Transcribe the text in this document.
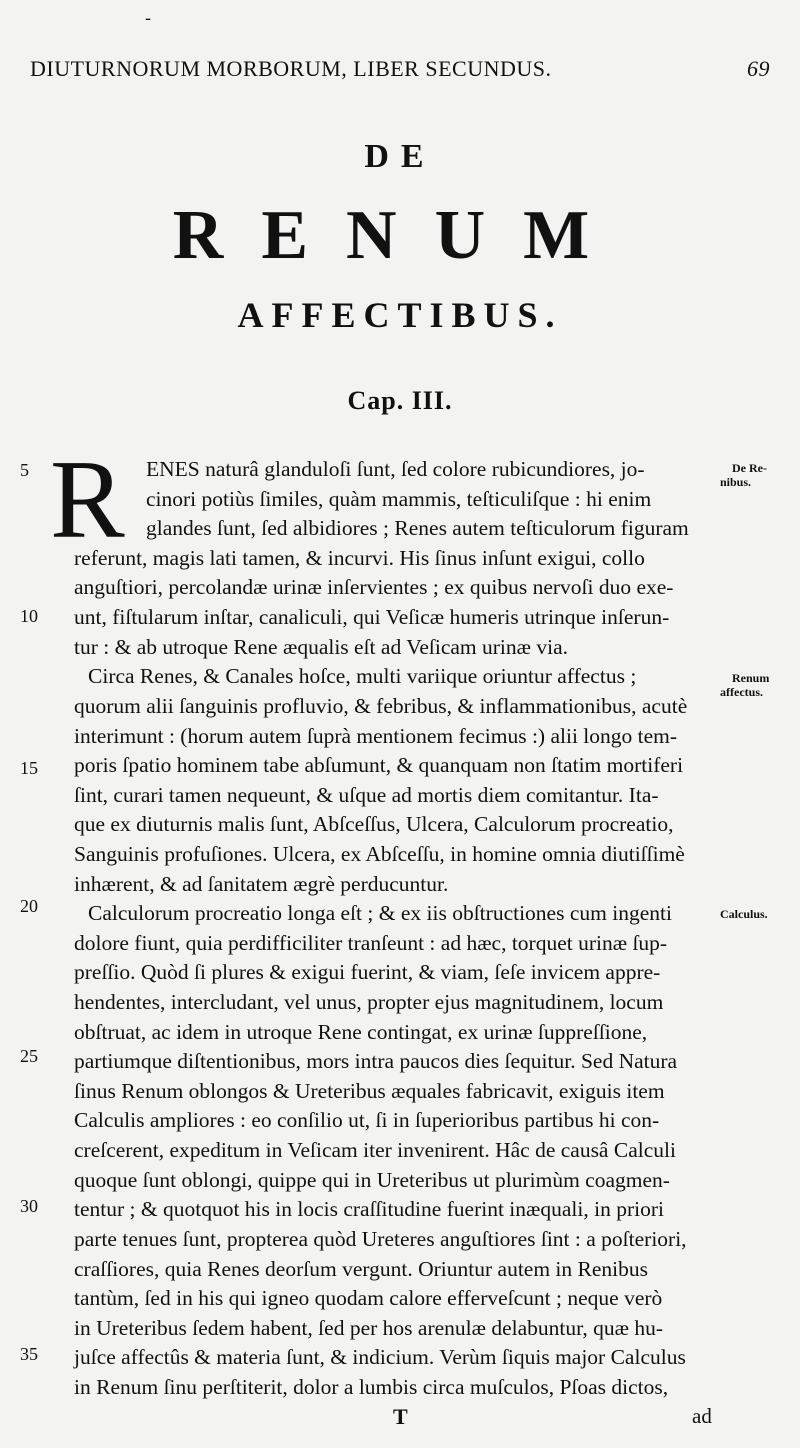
-
DIUTURNORUM MORBORUM, LIBER SECUNDUS.	69
DE
RENUM
AFFECTIBUS.
Cap. III.
R ENES naturâ glanduloſi ſunt, ſed colore rubicundiores, jo-
cinori potiùs ſimiles, quàm mammis, teſticuliſque : hi enim
glandes ſunt, ſed albidiores ; Renes autem teſticulorum figuram
referunt, magis lati tamen, & incurvi. His ſinus inſunt exigui, collo
anguſtiori, percolandæ urinæ inſervientes ; ex quibus nervoſi duo exe-
unt, fiſtularum inſtar, canaliculi, qui Veſicæ humeris utrinque inſerun-
tur : & ab utroque Rene æqualis eſt ad Veſicam urinæ via.
Circa Renes, & Canales hoſce, multi variique oriuntur affectus ;
quorum alii ſanguinis profluvio, & febribus, & inflammationibus, acutè
interimunt : (horum autem ſuprà mentionem fecimus :) alii longo tem-
poris ſpatio hominem tabe abſumunt, & quanquam non ſtatim mortiferi
ſint, curari tamen nequeunt, & uſque ad mortis diem comitantur. Ita-
que ex diuturnis malis ſunt, Abſceſſus, Ulcera, Calculorum procreatio,
Sanguinis profuſiones. Ulcera, ex Abſceſſu, in homine omnia diutiſſimè
inhærent, & ad ſanitatem ægrè perducuntur.
Calculorum procreatio longa eſt ; & ex iis obſtructiones cum ingenti
dolore fiunt, quia perdifficiliter tranſeunt : ad hæc, torquet urinæ ſup-
preſſio. Quòd ſi plures & exigui fuerint, & viam, ſeſe invicem appre-
hendentes, intercludant, vel unus, propter ejus magnitudinem, locum
obſtruat, ac idem in utroque Rene contingat, ex urinæ ſuppreſſione,
partiumque diſtentionibus, mors intra paucos dies ſequitur. Sed Natura
ſinus Renum oblongos & Ureteribus æquales fabricavit, exiguis item
Calculis ampliores : eo conſilio ut, ſi in ſuperioribus partibus hi con-
creſcerent, expeditum in Veſicam iter invenirent. Hâc de causâ Calculi
quoque ſunt oblongi, quippe qui in Ureteribus ut plurimùm coagmen-
tentur ; & quotquot his in locis craſſitudine fuerint inæquali, in priori
parte tenues ſunt, propterea quòd Ureteres anguſtiores ſint : a poſteriori,
craſſiores, quia Renes deorſum vergunt. Oriuntur autem in Renibus
tantùm, ſed in his qui igneo quodam calore efferveſcunt ; neque verò
in Ureteribus ſedem habent, ſed per hos arenulæ delabuntur, quæ hu-
juſce affectûs & materia ſunt, & indicium. Verùm ſiquis major Calculus
in Renum ſinu perſtiterit, dolor a lumbis circa muſculos, Pſoas dictos,
5
10
15
20
25
30
35
De Re-
nibus.
Renum
affectus.
Calculus.
T	ad
